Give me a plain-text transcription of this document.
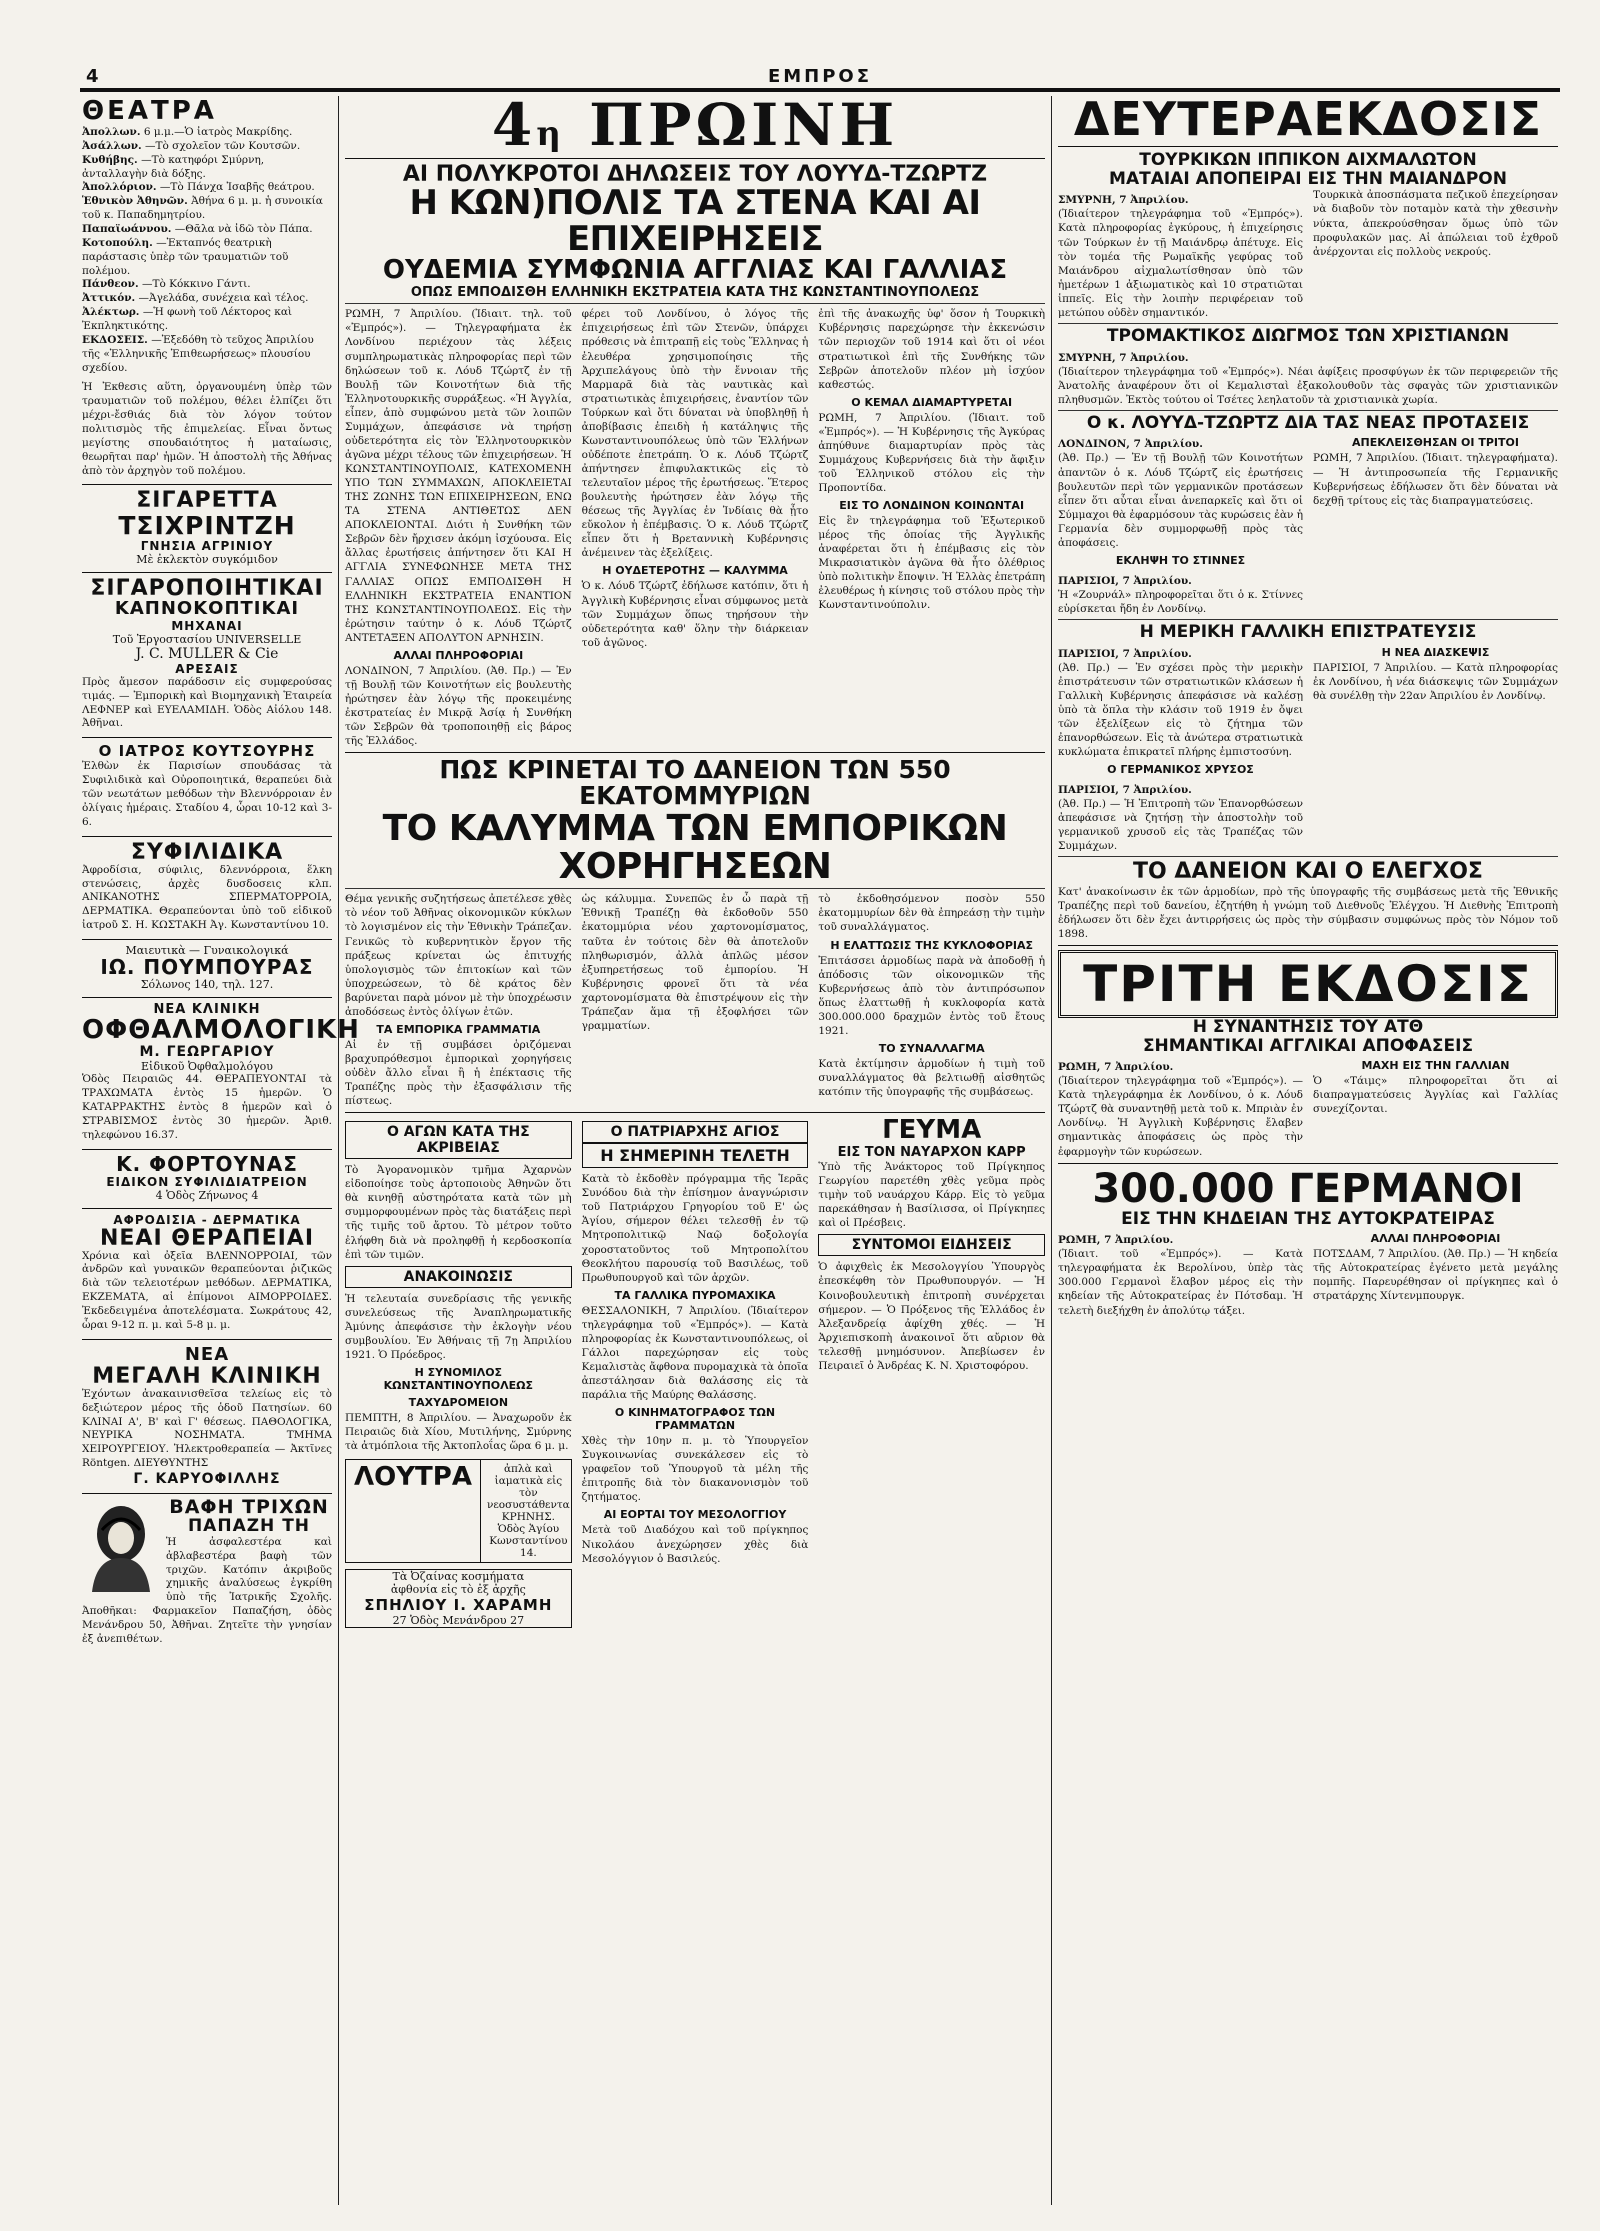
4	ΕΜΠΡΟΣ
ΘΕΑΤΡΑ
Ἀπολλων. 6 μ.μ.—Ὁ ἰατρὸς Μακρίδης.
Ἀσάλλων. —Τὸ σχολεῖον τῶν Κουτσῶν.
Κυθήβης. —Τὸ κατηφόρι Σμύρνη, ἀνταλλαγὴν διὰ δόξης.
Ἀπολλόριον. —Τὸ Πάνχα Ἰσαβῆς θεάτρου.
Ἑθνικὸν Ἀθηνῶν. Ἀθήνα 6 μ. μ. ἡ συνοικία τοῦ κ. Παπαδημητρίου.
Παπαϊωάννου. —Θᾶλα νὰ ἰδῶ τὸν Πάπα.
Κοτοπούλη. —Ἐκταπνός θεατρικὴ παράστασις ὑπὲρ τῶν τραυματιῶν τοῦ πολέμου.
Πάνθεον. —Τὸ Κόκκινο Γάντι.
Ἀττικόν. —Ἀγελάδα, συνέχεια καὶ τέλος.
Ἀλέκτωρ. —Ἡ φωνὴ τοῦ Λέκτορος καὶ Ἐκπληκτικότης.
ΕΚΔΟΣΕΙΣ. —Ἐξεδόθη τὸ τεῦχος Ἀπριλίου τῆς «Ἑλληνικῆς Ἐπιθεωρήσεως» πλουσίου σχεδίου.
Ἡ Ἐκθεσις αὕτη, ὀργανουμένη ὑπὲρ τῶν τραυματιῶν τοῦ πολέμου, θέλει ἐλπίζει ὅτι μέχρι-ἔσθιάς διὰ τὸν λόγον τούτον πολιτισμὸς τῆς ἐπιμελείας. Εἶναι ὄντως μεγίστης σπουδαιότητος ἡ ματαίωσις, θεωρῆται παρ' ἡμῶν. Ἡ ἀποστολὴ τῆς Ἀθήνας ἀπὸ τὸν ἀρχηγὸν τοῦ πολέμου.
ΣΙΓΑΡΕΤΤΑ
ΤΣΙΧΡΙΝΤΖΗ
ΓΝΗΣΙΑ ΑΓΡΙΝΙΟΥ
Μὲ ἐκλεκτὸν συγκόμιδον
ΣΙΓΑΡΟΠΟΙΗΤΙΚΑΙ
ΚΑΠΝΟΚΟΠΤΙΚΑΙ
ΜΗΧΑΝΑΙ
Τοῦ Ἐργοστασίου UNIVERSELLE
J. C. MULLER & Cie
ΑΡΕΣΑΙΣ
Πρὸς ἄμεσον παράδοσιν εἰς συμφερούσας τιμάς. — Ἐμπορικὴ καὶ Βιομηχανικὴ Ἑταιρεία ΛΕΦΝΕΡ καὶ ΕΥΕΛΑΜΙΔΗ. Ὁδὸς Αἰόλου 148. Ἀθῆναι.
Ο ΙΑΤΡΟΣ ΚΟΥΤΣΟΥΡΗΣ
Ἐλθὼν ἐκ Παρισίων σπουδάσας τὰ Συφιλιδικὰ καὶ Οὐροποιητικά, θεραπεύει διὰ τῶν νεωτάτων μεθόδων τὴν Βλεννόρροιαν ἐν ὀλίγαις ἡμέραις. Σταδίου 4, ὧραι 10-12 καὶ 3-6.
ΣΥΦΙΛΙΔΙΚΑ
Ἀφροδίσια, σύφιλις, δλεννόρροια, ἕλκη στενώσεις, ἀρχὲς δυσδοσεις κλπ. ΑΝΙΚΑΝΟΤΗΣ ΣΠΕΡΜΑΤΟΡΡΟΙΑ, ΔΕΡΜΑΤΙΚΑ. Θεραπεύονται ὑπὸ τοῦ εἰδικοῦ ἰατροῦ Σ. Η. ΚΩΣΤΑΚΗ Ἀγ. Κωνσταντίνου 10.
Μαιευτικὰ — Γυναικολογικά
ΙΩ. ΠΟΥΜΠΟΥΡΑΣ
Σόλωνος 140, τηλ. 127.
ΝΕΑ ΚΛΙΝΙΚΗ
ΟΦΘΑΛΜΟΛΟΓΙΚΗ
Μ. ΓΕΩΡΓΑΡΙΟΥ
Εἰδικοῦ Ὀφθαλμολόγου
Ὁδὸς Πειραιῶς 44. ΘΕΡΑΠΕΥΟΝΤΑΙ τὰ ΤΡΑΧΩΜΑΤΑ ἐντὸς 15 ἡμερῶν. Ὁ ΚΑΤΑΡΡΑΚΤΗΣ ἐντὸς 8 ἡμερῶν καὶ ὁ ΣΤΡΑΒΙΣΜΟΣ ἐντὸς 30 ἡμερῶν. Ἀριθ. τηλεφώνου 16.37.
Κ. ΦΟΡΤΟΥΝΑΣ
ΕΙΔΙΚΟΝ ΣΥΦΙΛΙΔΙΑΤΡΕΙΟΝ
4 Ὁδὸς Ζήνωνος 4
ΑΦΡΟΔΙΣΙΑ - ΔΕΡΜΑΤΙΚΑ
ΝΕΑΙ ΘΕΡΑΠΕΙΑΙ
Χρόνια καὶ ὀξεῖα ΒΛΕΝΝΟΡΡΟΙΑΙ, τῶν ἀνδρῶν καὶ γυναικῶν θεραπεύονται ῥιζικῶς διὰ τῶν τελειοτέρων μεθόδων. ΔΕΡΜΑΤΙΚΑ, ΕΚΖΕΜΑΤΑ, αἱ ἐπίμονοι ΑΙΜΟΡΡΟΙΔΕΣ. Ἐκδεδειγμένα ἀποτελέσματα. Σωκράτους 42, ὧραι 9-12 π. μ. καὶ 5-8 μ. μ.
ΝΕΑ
ΜΕΓΑΛΗ ΚΛΙΝΙΚΗ
Ἐχόντων ἀνακαινισθεῖσα τελείως εἰς τὸ δεξιώτερον μέρος τῆς ὁδοῦ Πατησίων. 60 ΚΛΙΝΑΙ Α', Β' καὶ Γ' θέσεως. ΠΑΘΟΛΟΓΙΚΑ, ΝΕΥΡΙΚΑ ΝΟΣΗΜΑΤΑ. ΤΜΗΜΑ ΧΕΙΡΟΥΡΓΕΙΟΥ. Ἠλεκτροθεραπεία — Ἀκτῖνες Röntgen. ΔΙΕΥΘΥΝΤΗΣ
Γ. ΚΑΡΥΟΦΙΛΛΗΣ
ΒΑΦΗ ΤΡΙΧΩΝ
ΠΑΠΑΖΗ ΤΗ
Ἡ ἀσφαλεστέρα καὶ ἀβλαβεστέρα βαφὴ τῶν τριχῶν. Κατόπιν ἀκριβοῦς χημικῆς ἀναλύσεως ἐγκρίθη ὑπὸ τῆς Ἰατρικῆς Σχολῆς. Ἀποθῆκαι: Φαρμακεῖον Παπαζήση, ὁδὸς Μενάνδρου 50, Ἀθῆναι. Ζητεῖτε τὴν γνησίαν ἐξ ἀνεπιθέτων.
4η ΠΡΩΙΝΗ
ΑΙ ΠΟΛΥΚΡΟΤΟΙ ΔΗΛΩΣΕΙΣ ΤΟΥ ΛΟΥΥΔ-ΤΖΩΡΤΖ
Η ΚΩΝ)ΠΟΛΙΣ ΤΑ ΣΤΕΝΑ ΚΑΙ ΑΙ ΕΠΙΧΕΙΡΗΣΕΙΣ
ΟΥΔΕΜΙΑ ΣΥΜΦΩΝΙΑ ΑΓΓΛΙΑΣ ΚΑΙ ΓΑΛΛΙΑΣ
ΟΠΩΣ ΕΜΠΟΔΙΣΘΗ ΕΛΛΗΝΙΚΗ ΕΚΣΤΡΑΤΕΙΑ ΚΑΤΑ ΤΗΣ ΚΩΝΣΤΑΝΤΙΝΟΥΠΟΛΕΩΣ

ΡΩΜΗ, 7 Ἀπριλίου. (Ἰδιαιτ. τηλ. τοῦ «Ἐμπρός»). — Τηλεγραφήματα ἐκ Λονδίνου περιέχουν τὰς λέξεις συμπληρωματικὰς πληροφορίας περὶ τῶν δηλώσεων τοῦ κ. Λόυδ Τζώρτζ ἐν τῇ Βουλῇ τῶν Κοινοτήτων διὰ τῆς Ἑλληνοτουρκικῆς συρράξεως. «Ἡ Ἀγγλία, εἶπεν, ἀπὸ συμφώνου μετὰ τῶν λοιπῶν Συμμάχων, ἀπεφάσισε νὰ τηρήσῃ οὐδετερότητα εἰς τὸν Ἑλληνοτουρκικὸν ἀγῶνα μέχρι τέλους τῶν ἐπιχειρήσεων. Ἡ ΚΩΝΣΤΑΝΤΙΝΟΥΠΟΛΙΣ, ΚΑΤΕΧΟΜΕΝΗ ΥΠΟ ΤΩΝ ΣΥΜΜΑΧΩΝ, ΑΠΟΚΛΕΙΕΤΑΙ ΤΗΣ ΖΩΝΗΣ ΤΩΝ ΕΠΙΧΕΙΡΗΣΕΩΝ, ΕΝΩ ΤΑ ΣΤΕΝΑ ΑΝΤΙΘΕΤΩΣ ΔΕΝ ΑΠΟΚΛΕΙΟΝΤΑΙ. Διότι ἡ Συνθήκη τῶν Σεβρῶν δὲν ἤρχισεν ἀκόμη ἰσχύουσα. Εἰς ἄλλας ἐρωτήσεις ἀπήντησεν ὅτι ΚΑΙ Η ΑΓΓΛΙΑ ΣΥΝΕΦΩΝΗΣΕ ΜΕΤΑ ΤΗΣ ΓΑΛΛΙΑΣ ΟΠΩΣ ΕΜΠΟΔΙΣΘΗ Η ΕΛΛΗΝΙΚΗ ΕΚΣΤΡΑΤΕΙΑ ΕΝΑΝΤΙΟΝ ΤΗΣ ΚΩΝΣΤΑΝΤΙΝΟΥΠΟΛΕΩΣ. Εἰς τὴν ἐρώτησιν ταύτην ὁ κ. Λόυδ Τζώρτζ ΑΝΤΕΤΑΞΕΝ ΑΠΟΛΥΤΟΝ ΑΡΝΗΣΙΝ.

ΑΛΛΑΙ ΠΛΗΡΟΦΟΡΙΑΙ

ΛΟΝΔΙΝΟΝ, 7 Ἀπριλίου. (Ἀθ. Πρ.) — Ἐν τῇ Βουλῇ τῶν Κοινοτήτων εἰς βουλευτὴς ἠρώτησεν ἐὰν λόγῳ τῆς προκειμένης ἐκστρατείας ἐν Μικρᾷ Ἀσίᾳ ἡ Συνθήκη τῶν Σεβρῶν θὰ τροποποιηθῇ εἰς βάρος τῆς Ἑλλάδος.

φέρει τοῦ Λονδίνου, ὁ λόγος τῆς ἐπιχειρήσεως ἐπὶ τῶν Στενῶν, ὑπάρχει πρόθεσις νὰ ἐπιτραπῇ εἰς τοὺς Ἕλληνας ἡ ἐλευθέρα χρησιμοποίησις τῆς Ἀρχιπελάγους ὑπὸ τὴν ἔννοιαν τῆς Μαρμαρᾶ διὰ τὰς ναυτικὰς καὶ στρατιωτικὰς ἐπιχειρήσεις, ἐναντίον τῶν Τούρκων καὶ ὅτι δύναται νὰ ὑποβληθῇ ἡ ἀποβίβασις ἐπειδὴ ἡ κατάληψις τῆς Κωνσταντινουπόλεως ὑπὸ τῶν Ἑλλήνων οὐδέποτε ἐπετράπη. Ὁ κ. Λόυδ Τζώρτζ ἀπήντησεν ἐπιφυλακτικῶς εἰς τὸ τελευταῖον μέρος τῆς ἐρωτήσεως. Ἕτερος βουλευτὴς ἠρώτησεν ἐὰν λόγῳ τῆς θέσεως τῆς Ἀγγλίας ἐν Ἰνδίαις θὰ ᾖτο εὔκολον ἡ ἐπέμβασις. Ὁ κ. Λόυδ Τζώρτζ εἶπεν ὅτι ἡ Βρεταννικὴ Κυβέρνησις ἀνέμεινεν τὰς ἐξελίξεις.

Η ΟΥΔΕΤΕΡΟΤΗΣ — ΚΑΛΥΜΜΑ

Ὁ κ. Λόυδ Τζώρτζ ἐδήλωσε κατόπιν, ὅτι ἡ Ἀγγλικὴ Κυβέρνησις εἶναι σύμφωνος μετὰ τῶν Συμμάχων ὅπως τηρήσουν τὴν οὐδετερότητα καθ' ὅλην τὴν διάρκειαν τοῦ ἀγῶνος.

ἐπὶ τῆς ἀνακωχῆς ὑφ' ὅσον ἡ Τουρκικὴ Κυβέρνησις παρεχώρησε τὴν ἐκκενώσιν τῶν περιοχῶν τοῦ 1914 καὶ ὅτι οἱ νέοι στρατιωτικοὶ ἐπὶ τῆς Συνθήκης τῶν Σεβρῶν ἀποτελοῦν πλέον μὴ ἰσχύον καθεστώς.

Ο ΚΕΜΑΛ ΔΙΑΜΑΡΤΥΡΕΤΑΙ

ΡΩΜΗ, 7 Ἀπριλίου. (Ἰδιαιτ. τοῦ «Ἐμπρός»). — Ἡ Κυβέρνησις τῆς Ἀγκύρας ἀπηύθυνε διαμαρτυρίαν πρὸς τὰς Συμμάχους Κυβερνήσεις διὰ τὴν ἄφιξιν τοῦ Ἑλληνικοῦ στόλου εἰς τὴν Προποντίδα.

ΕΙΣ ΤΟ ΛΟΝΔΙΝΟΝ ΚΟΙΝΩΝΤΑΙ

Εἰς ἓν τηλεγράφημα τοῦ Ἐξωτερικοῦ μέρος τῆς ὁποίας τῆς Ἀγγλικῆς ἀναφέρεται ὅτι ἡ ἐπέμβασις εἰς τὸν Μικρασιατικὸν ἀγῶνα θὰ ἦτο ὀλέθριος ὑπὸ πολιτικὴν ἔποψιν. Ἡ Ἐλλὰς ἐπετράπη ἐλευθέρως ἡ κίνησις τοῦ στόλου πρὸς τὴν Κωνσταντινούπολιν.

ΠΩΣ ΚΡΙΝΕΤΑΙ ΤΟ ΔΑΝΕΙΟΝ ΤΩΝ 550 ΕΚΑΤΟΜΜΥΡΙΩΝ
ΤΟ ΚΑΛΥΜΜΑ ΤΩΝ ΕΜΠΟΡΙΚΩΝ ΧΟΡΗΓΗΣΕΩΝ

Θέμα γενικῆς συζητήσεως ἀπετέλεσε χθὲς τὸ νέον τοῦ Ἀθῆνας οἰκονομικῶν κύκλων τὸ λογισμένον εἰς τὴν Ἐθνικὴν Τράπεζαν. Γενικῶς τὸ κυβερνητικὸν ἔργον τῆς πράξεως κρίνεται ὡς ἐπιτυχής ὑπολογισμὸς τῶν ἐπιτοκίων καὶ τῶν ὑποχρεώσεων, τὸ δὲ κράτος δὲν βαρύνεται παρὰ μόνον μὲ τὴν ὑποχρέωσιν ἀποδόσεως ἐντὸς ὀλίγων ἐτῶν.

ΤΑ ΕΜΠΟΡΙΚΑ ΓΡΑΜΜΑΤΙΑ

Αἱ ἐν τῇ συμβάσει ὁριζόμεναι βραχυπρόθεσμοι ἐμπορικαὶ χορηγήσεις οὐδὲν ἄλλο εἶναι ἢ ἡ ἐπέκτασις τῆς Τραπέζης πρὸς τὴν ἐξασφάλισιν τῆς πίστεως.

ὡς κάλυμμα. Συνεπῶς ἐν ὧ παρὰ τῇ Ἐθνικῇ Τραπέζῃ θὰ ἐκδοθοῦν 550 ἑκατομμύρια νέου χαρτονομίσματος, ταῦτα ἐν τούτοις δὲν θὰ ἀποτελοῦν πληθωρισμόν, ἀλλὰ ἁπλῶς μέσον ἐξυπηρετήσεως τοῦ ἐμπορίου. Ἡ Κυβέρνησις φρονεῖ ὅτι τὰ νέα χαρτονομίσματα θὰ ἐπιστρέψουν εἰς τὴν Τράπεζαν ἅμα τῇ ἐξοφλήσει τῶν γραμματίων.

τὸ ἐκδοθησόμενον ποσὸν 550 ἑκατομμυρίων δὲν θὰ ἐπηρεάσῃ τὴν τιμὴν τοῦ συναλλάγματος.

Η ΕΛΑΤΤΩΣΙΣ ΤΗΣ ΚΥΚΛΟΦΟΡΙΑΣ

Ἐπιτάσσει ἀρμοδίως παρὰ νὰ ἀποδοθῇ ἡ ἀπόδοσις τῶν οἰκονομικῶν τῆς Κυβερνήσεως ἀπὸ τὸν ἀντιπρόσωπον ὅπως ἐλαττωθῇ ἡ κυκλοφορία κατὰ 300.000.000 δραχμῶν ἐντὸς τοῦ ἔτους 1921.

ΤΟ ΣΥΝΑΛΛΑΓΜΑ

Κατὰ ἐκτίμησιν ἁρμοδίων ἡ τιμὴ τοῦ συναλλάγματος θὰ βελτιωθῇ αἰσθητῶς κατόπιν τῆς ὑπογραφῆς τῆς συμβάσεως.

Ο ΑΓΩΝ ΚΑΤΑ ΤΗΣ ΑΚΡΙΒΕΙΑΣ

Τὸ Ἀγορανομικὸν τμῆμα Ἀχαρνὼν εἰδοποίησε τοὺς ἀρτοποιοὺς Ἀθηνῶν ὅτι θὰ κινηθῇ αὐστηρότατα κατὰ τῶν μὴ συμμορφουμένων πρὸς τὰς διατάξεις περὶ τῆς τιμῆς τοῦ ἄρτου. Τὸ μέτρον τοῦτο ἐλήφθη διὰ νὰ προληφθῇ ἡ κερδοσκοπία ἐπὶ τῶν τιμῶν.

ΑΝΑΚΟΙΝΩΣΙΣ

Ἡ τελευταία συνεδρίασις τῆς γενικῆς συνελεύσεως τῆς Ἀναπληρωματικῆς Ἀμύνης ἀπεφάσισε τὴν ἐκλογὴν νέου συμβουλίου. Ἐν Ἀθήναις τῇ 7ῃ Ἀπριλίου 1921. Ὁ Πρόεδρος.

Η ΣΥΝΟΜΙΛΟΣ ΚΩΝΣΤΑΝΤΙΝΟΥΠΟΛΕΩΣ
ΤΑΧΥΔΡΟΜΕΙΟΝ

ΠΕΜΠΤΗ, 8 Ἀπριλίου. — Ἀναχωροῦν ἐκ Πειραιῶς διὰ Χίου, Μυτιλήνης, Σμύρνης τὰ ἀτμόπλοια τῆς Ἀκτοπλοΐας ὥρα 6 μ. μ.

ΛΟΥΤΡΑ	ἀπλὰ καὶ ἰαματικὰ εἰς τὸν νεοσυστάθεντα ΚΡΗΝΗΣ. Ὁδὸς Ἁγίου Κωνσταντίνου 14.
Τὰ Ὀζαίνας κοσμήματα
ἀφθονία εἰς τὸ ἐξ ἀρχῆς
ΣΠΗΛΙΟΥ Ι. ΧΑΡΑΜΗ
27 Ὁδὸς Μενάνδρου 27
Ο ΠΑΤΡΙΑΡΧΗΣ ΑΓΙΟΣ
Η ΣΗΜΕΡΙΝΗ ΤΕΛΕΤΗ

Κατὰ τὸ ἐκδοθὲν πρόγραμμα τῆς Ἱερᾶς Συνόδου διὰ τὴν ἐπίσημον ἀναγνώρισιν τοῦ Πατριάρχου Γρηγορίου τοῦ Ε' ὡς Ἁγίου, σήμερον θέλει τελεσθῇ ἐν τῷ Μητροπολιτικῷ Ναῷ δοξολογία χοροστατοῦντος τοῦ Μητροπολίτου Θεοκλήτου παρουσίᾳ τοῦ Βασιλέως, τοῦ Πρωθυπουργοῦ καὶ τῶν ἀρχῶν.

ΤΑ ΓΑΛΛΙΚΑ ΠΥΡΟΜΑΧΙΚΑ

ΘΕΣΣΑΛΟΝΙΚΗ, 7 Ἀπριλίου. (Ἰδιαίτερον τηλεγράφημα τοῦ «Ἐμπρός»). — Κατὰ πληροφορίας ἐκ Κωνσταντινουπόλεως, οἱ Γάλλοι παρεχώρησαν εἰς τοὺς Κεμαλιστὰς ἄφθονα πυρομαχικὰ τὰ ὁποῖα ἀπεστάλησαν διὰ θαλάσσης εἰς τὰ παράλια τῆς Μαύρης Θαλάσσης.

Ο ΚΙΝΗΜΑΤΟΓΡΑΦΟΣ ΤΩΝ ΓΡΑΜΜΑΤΩΝ

Χθὲς τὴν 10ην π. μ. τὸ Ὑπουργεῖον Συγκοινωνίας συνεκάλεσεν εἰς τὸ γραφεῖον τοῦ Ὑπουργοῦ τὰ μέλη τῆς ἐπιτροπῆς διὰ τὸν διακανονισμὸν τοῦ ζητήματος.

ΑΙ ΕΟΡΤΑΙ ΤΟΥ ΜΕΣΟΛΟΓΓΙΟΥ

Μετὰ τοῦ Διαδόχου καὶ τοῦ πρίγκηπος Νικολάου ἀνεχώρησεν χθὲς διὰ Μεσολόγγιον ὁ Βασιλεύς.

ΓΕΥΜΑ
ΕΙΣ ΤΟΝ ΝΑΥΑΡΧΟΝ ΚΑΡΡ

Ὑπὸ τῆς Ἀνάκτορος τοῦ Πρίγκηπος Γεωργίου παρετέθη χθὲς γεῦμα πρὸς τιμὴν τοῦ ναυάρχου Κάρρ. Εἰς τὸ γεῦμα παρεκάθησαν ἡ Βασίλισσα, οἱ Πρίγκηπες καὶ οἱ Πρέσβεις.

ΣΥΝΤΟΜΟΙ ΕΙΔΗΣΕΙΣ

Ὁ ἀφιχθεὶς ἐκ Μεσολογγίου Ὑπουργὸς ἐπεσκέφθη τὸν Πρωθυπουργόν. — Ἡ Κοινοβουλευτικὴ ἐπιτροπὴ συνέρχεται σήμερον. — Ὁ Πρόξενος τῆς Ἑλλάδος ἐν Ἀλεξανδρείᾳ ἀφίχθη χθές. — Ἡ Ἀρχιεπισκοπὴ ἀνακοινοῖ ὅτι αὔριον θὰ τελεσθῇ μνημόσυνον. Ἀπεβίωσεν ἐν Πειραιεῖ ὁ Ἀνδρέας Κ. Ν. Χριστοφόρου.

ΔΕΥΤΕΡΑΕΚΔΟΣΙΣ
ΤΟΥΡΚΙΚΩΝ ΙΠΠΙΚΟΝ ΑΙΧΜΑΛΩΤΟΝ
ΜΑΤΑΙΑΙ ΑΠΟΠΕΙΡΑΙ ΕΙΣ ΤΗΝ ΜΑΙΑΝΔΡΟΝ
ΣΜΥΡΝΗ, 7 Ἀπριλίου.

(Ἰδιαίτερον τηλεγράφημα τοῦ «Ἐμπρός»). Κατὰ πληροφορίας ἐγκύρους, ἡ ἐπιχείρησις τῶν Τούρκων ἐν τῇ Μαιάνδρῳ ἀπέτυχε. Εἰς τὸν τομέα τῆς Ρωμαϊκῆς γεφύρας τοῦ Μαιάνδρου αἰχμαλωτίσθησαν ὑπὸ τῶν ἡμετέρων 1 ἀξιωματικὸς καὶ 10 στρατιῶται ἱππεῖς. Εἰς τὴν λοιπὴν περιφέρειαν τοῦ μετώπου οὐδὲν σημαντικόν.

Τουρκικὰ ἀποσπάσματα πεζικοῦ ἐπεχείρησαν νὰ διαβοῦν τὸν ποταμὸν κατὰ τὴν χθεσινὴν νύκτα, ἀπεκρούσθησαν ὅμως ὑπὸ τῶν προφυλακῶν μας. Αἱ ἀπώλειαι τοῦ ἐχθροῦ ἀνέρχονται εἰς πολλοὺς νεκρούς.

ΤΡΟΜΑΚΤΙΚΟΣ ΔΙΩΓΜΟΣ ΤΩΝ ΧΡΙΣΤΙΑΝΩΝ
ΣΜΥΡΝΗ, 7 Ἀπριλίου.

(Ἰδιαίτερον τηλεγράφημα τοῦ «Ἐμπρός»). Νέαι ἀφίξεις προσφύγων ἐκ τῶν περιφερειῶν τῆς Ἀνατολῆς ἀναφέρουν ὅτι οἱ Κεμαλισταὶ ἐξακολουθοῦν τὰς σφαγὰς τῶν χριστιανικῶν πληθυσμῶν. Ἐκτὸς τούτου οἱ Τσέτες λεηλατοῦν τὰ χριστιανικὰ χωρία.

Ο κ. ΛΟΥΥΔ-ΤΖΩΡΤΖ ΔΙΑ ΤΑΣ ΝΕΑΣ ΠΡΟΤΑΣΕΙΣ
ΛΟΝΔΙΝΟΝ, 7 Ἀπριλίου.

(Ἀθ. Πρ.) — Ἐν τῇ Βουλῇ τῶν Κοινοτήτων ἀπαντῶν ὁ κ. Λόυδ Τζώρτζ εἰς ἐρωτήσεις βουλευτῶν περὶ τῶν γερμανικῶν προτάσεων εἶπεν ὅτι αὗται εἶναι ἀνεπαρκεῖς καὶ ὅτι οἱ Σύμμαχοι θὰ ἐφαρμόσουν τὰς κυρώσεις ἐὰν ἡ Γερμανία δὲν συμμορφωθῇ πρὸς τὰς ἀποφάσεις.

ΕΚΛΗΨΗ ΤΟ ΣΤΙΝΝΕΣ
ΠΑΡΙΣΙΟΙ, 7 Ἀπριλίου.

Ἡ «Ζουρνάλ» πληροφορεῖται ὅτι ὁ κ. Στίννες εὑρίσκεται ἤδη ἐν Λονδίνῳ.

ΑΠΕΚΛΕΙΣΘΗΣΑΝ ΟΙ ΤΡΙΤΟΙ

ΡΩΜΗ, 7 Ἀπριλίου. (Ἰδιαιτ. τηλεγραφήματα). — Ἡ ἀντιπροσωπεία τῆς Γερμανικῆς Κυβερνήσεως ἐδήλωσεν ὅτι δὲν δύναται νὰ δεχθῇ τρίτους εἰς τὰς διαπραγματεύσεις.

Η ΜΕΡΙΚΗ ΓΑΛΛΙΚΗ ΕΠΙΣΤΡΑΤΕΥΣΙΣ
ΠΑΡΙΣΙΟΙ, 7 Ἀπριλίου.

(Ἀθ. Πρ.) — Ἐν σχέσει πρὸς τὴν μερικὴν ἐπιστράτευσιν τῶν στρατιωτικῶν κλάσεων ἡ Γαλλικὴ Κυβέρνησις ἀπεφάσισε νὰ καλέσῃ ὑπὸ τὰ ὅπλα τὴν κλάσιν τοῦ 1919 ἐν ὄψει τῶν ἐξελίξεων εἰς τὸ ζήτημα τῶν ἐπανορθώσεων. Εἰς τὰ ἀνώτερα στρατιωτικὰ κυκλώματα ἐπικρατεῖ πλήρης ἐμπιστοσύνη.

Ο ΓΕΡΜΑΝΙΚΟΣ ΧΡΥΣΟΣ
ΠΑΡΙΣΙΟΙ, 7 Ἀπριλίου.

(Ἀθ. Πρ.) — Ἡ Ἐπιτροπὴ τῶν Ἐπανορθώσεων ἀπεφάσισε νὰ ζητήσῃ τὴν ἀποστολὴν τοῦ γερμανικοῦ χρυσοῦ εἰς τὰς Τραπέζας τῶν Συμμάχων.

Η ΝΕΑ ΔΙΑΣΚΕΨΙΣ

ΠΑΡΙΣΙΟΙ, 7 Ἀπριλίου. — Κατὰ πληροφορίας ἐκ Λονδίνου, ἡ νέα διάσκεψις τῶν Συμμάχων θὰ συνέλθῃ τὴν 22αν Ἀπριλίου ἐν Λονδίνῳ.

ΤΟ ΔΑΝΕΙΟΝ ΚΑΙ Ο ΕΛΕΓΧΟΣ

Κατ' ἀνακοίνωσιν ἐκ τῶν ἁρμοδίων, πρὸ τῆς ὑπογραφῆς τῆς συμβάσεως μετὰ τῆς Ἐθνικῆς Τραπέζης περὶ τοῦ δανείου, ἐζητήθη ἡ γνώμη τοῦ Διεθνοῦς Ἐλέγχου. Ἡ Διεθνὴς Ἐπιτροπὴ ἐδήλωσεν ὅτι δὲν ἔχει ἀντιρρήσεις ὡς πρὸς τὴν σύμβασιν συμφώνως πρὸς τὸν Νόμον τοῦ 1898.

ΤΡΙΤΗ ΕΚΔΟΣΙΣ
Η ΣΥΝΑΝΤΗΣΙΣ ΤΟΥ ΑΤΘ
ΣΗΜΑΝΤΙΚΑΙ ΑΓΓΛΙΚΑΙ ΑΠΟΦΑΣΕΙΣ
ΡΩΜΗ, 7 Ἀπριλίου.

(Ἰδιαίτερον τηλεγράφημα τοῦ «Ἐμπρός»). — Κατὰ τηλεγράφημα ἐκ Λονδίνου, ὁ κ. Λόυδ Τζώρτζ θὰ συναντηθῇ μετὰ τοῦ κ. Μπριὰν ἐν Λονδίνῳ. Ἡ Ἀγγλικὴ Κυβέρνησις ἔλαβεν σημαντικὰς ἀποφάσεις ὡς πρὸς τὴν ἐφαρμογὴν τῶν κυρώσεων.

ΜΑΧΗ ΕΙΣ ΤΗΝ ΓΑΛΛΙΑΝ

Ὁ «Τάιμς» πληροφορεῖται ὅτι αἱ διαπραγματεύσεις Ἀγγλίας καὶ Γαλλίας συνεχίζονται.

300.000 ΓΕΡΜΑΝΟΙ
ΕΙΣ ΤΗΝ ΚΗΔΕΙΑΝ ΤΗΣ ΑΥΤΟΚΡΑΤΕΙΡΑΣ
ΡΩΜΗ, 7 Ἀπριλίου.

(Ἰδιαιτ. τοῦ «Ἐμπρός»). — Κατὰ τηλεγραφήματα ἐκ Βερολίνου, ὑπὲρ τὰς 300.000 Γερμανοὶ ἔλαβον μέρος εἰς τὴν κηδείαν τῆς Αὐτοκρατείρας ἐν Πότσδαμ. Ἡ τελετὴ διεξήχθη ἐν ἀπολύτῳ τάξει.

ΑΛΛΑΙ ΠΛΗΡΟΦΟΡΙΑΙ

ΠΟΤΣΔΑΜ, 7 Ἀπριλίου. (Ἀθ. Πρ.) — Ἡ κηδεία τῆς Αὐτοκρατείρας ἐγένετο μετὰ μεγάλης πομπῆς. Παρευρέθησαν οἱ πρίγκηπες καὶ ὁ στρατάρχης Χίντενμπουργκ.
